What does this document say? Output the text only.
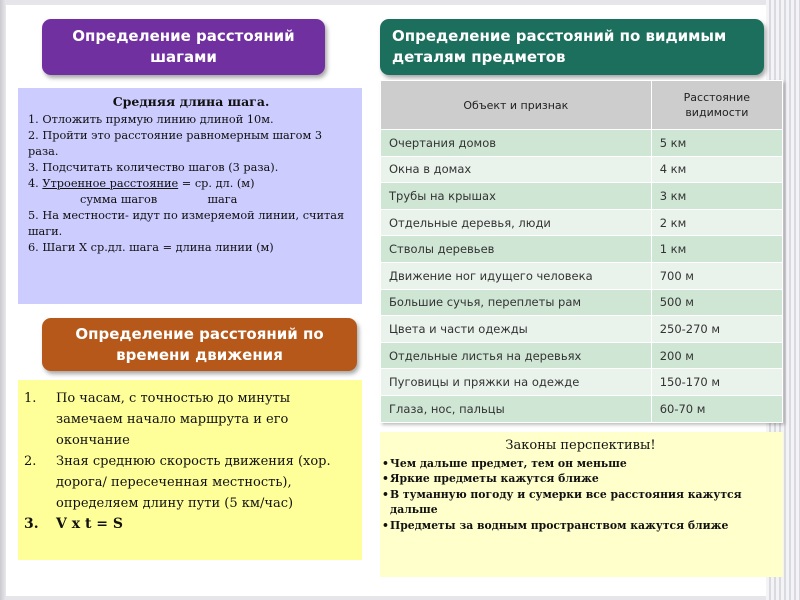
Определение расстояний шагами
Определение расстояний по видимым деталям предметов
Определение расстояний по времени движения
Средняя длина шага.

1. Отложить прямую линию длиной 10м.

2. Пройти это расстояние равномерным шагом 3 раза.

3. Подсчитать количество шагов (3 раза).

4. Утроенное расстояние = ср. дл. (м)

сумма шагов              шага

5. На местности- идут по измеряемой линии, считая шаги.

6. Шаги Х ср.дл. шага = длина линии (м)

1.	По часам, с точностью до минуты замечаем начало маршрута и его окончание
2.	Зная среднюю скорость движения (хор. дорога/ пересеченная местность), определяем длину пути (5 км/час)
3.	V x t = S
Объект и признак	Расстояние видимости
Очертания домов	5 км
Окна в домах	4 км
Трубы на крышах	3 км
Отдельные деревья, люди	2 км
Стволы деревьев	1 км
Движение ног идущего человека	700 м
Большие сучья, переплеты рам	500 м
Цвета и части одежды	250-270 м
Отдельные листья на деревьях	200 м
Пуговицы и пряжки на одежде	150-170 м
Глаза, нос, пальцы	60-70 м
Законы перспективы!
• Чем дальше предмет, тем он меньше
• Яркие предметы кажутся ближе
• В туманную погоду и сумерки все расстояния кажутся дальше
• Предметы за водным пространством кажутся ближе
